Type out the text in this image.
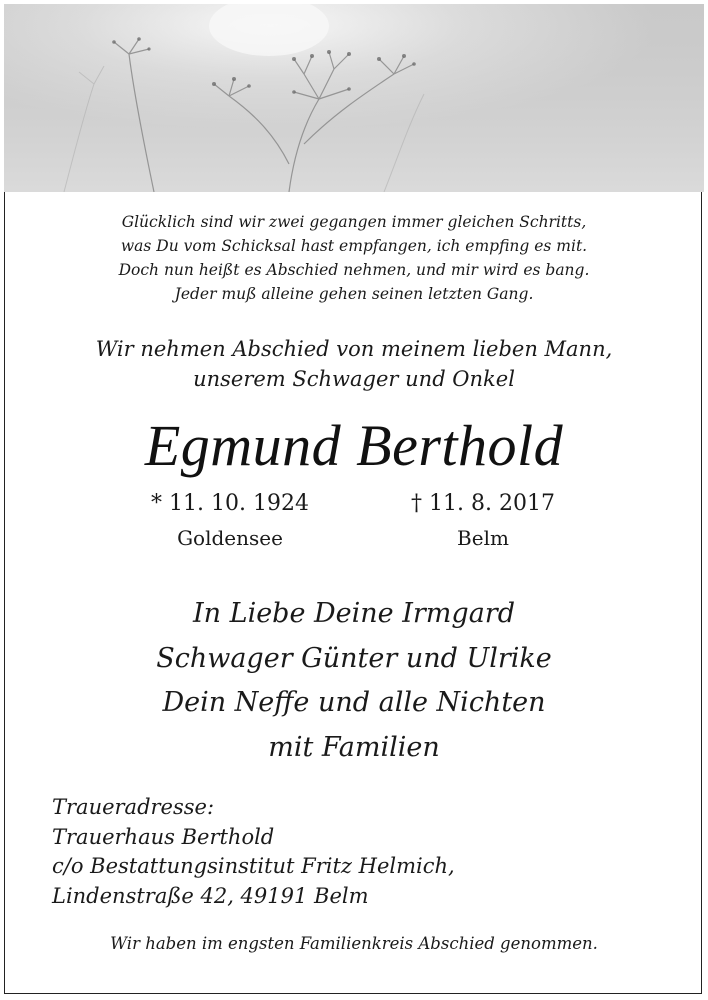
Glücklich sind wir zwei gegangen immer gleichen Schritts,
was Du vom Schicksal hast empfangen, ich empfing es mit.
Doch nun heißt es Abschied nehmen, und mir wird es bang.
Jeder muß alleine gehen seinen letzten Gang.
Wir nehmen Abschied von meinem lieben Mann,
unserem Schwager und Onkel
Egmund Berthold
* 11. 10. 1924
Goldensee
† 11. 8. 2017
Belm
In Liebe Deine Irmgard
Schwager Günter und Ulrike
Dein Neffe und alle Nichten
mit Familien
Traueradresse:
Trauerhaus Berthold
c/o Bestattungsinstitut Fritz Helmich,
Lindenstraße 42, 49191 Belm
Wir haben im engsten Familienkreis Abschied genommen.
